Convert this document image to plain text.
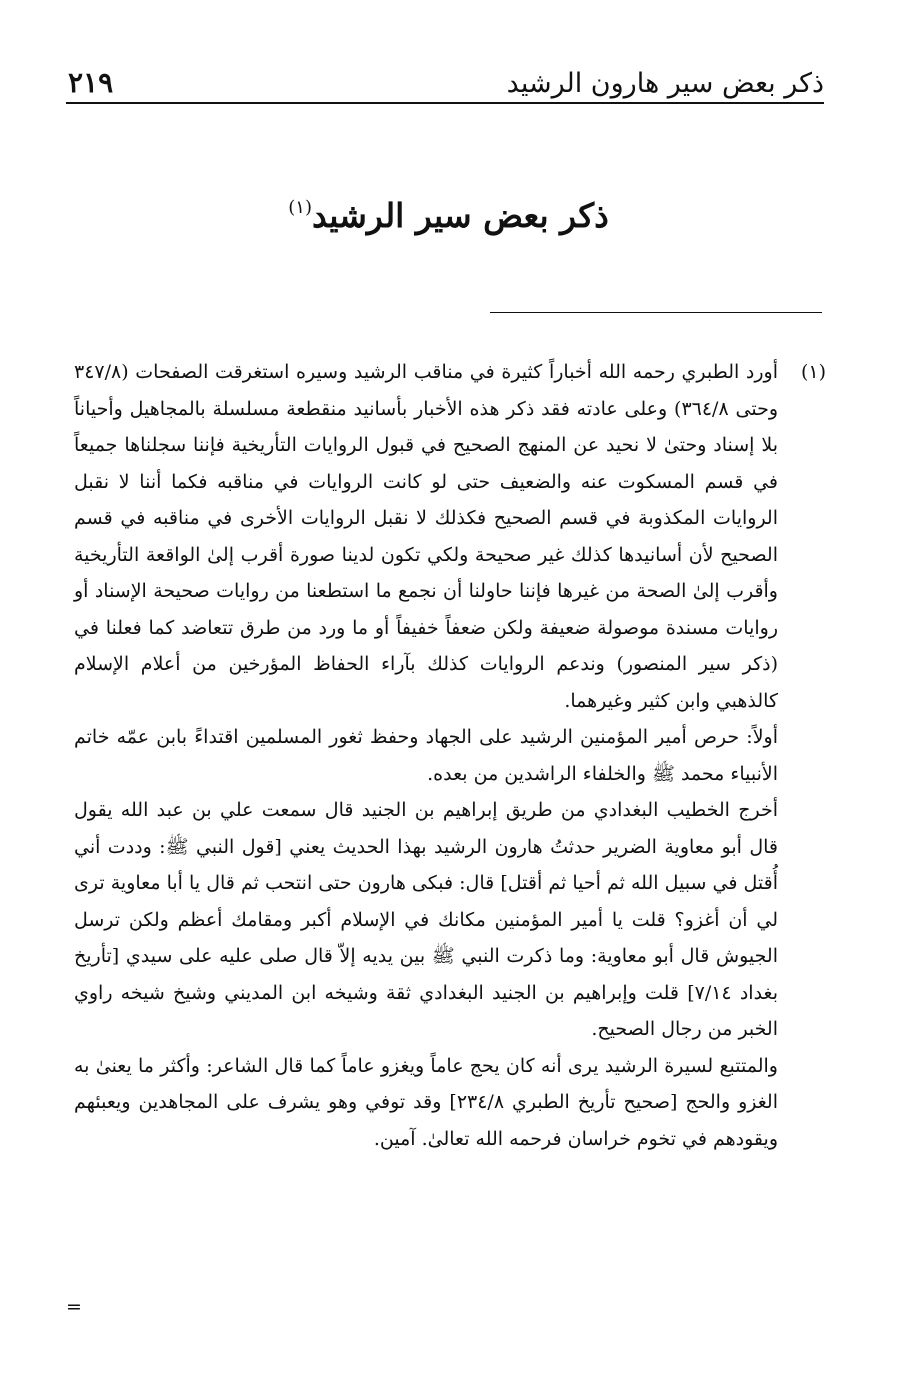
ذكر بعض سير هارون الرشيد
٢١٩
ذكر بعض سير الرشيد$^{(١)}$
(١)

أورد الطبري رحمه الله أخباراً كثيرة في مناقب الرشيد وسيره استغرقت الصفحات (٣٤٧/٨ وحتى ٣٦٤/٨) وعلى عادته فقد ذكر هذه الأخبار بأسانيد منقطعة مسلسلة بالمجاهيل وأحياناً بلا إسناد وحتىٰ لا نحيد عن المنهج الصحيح في قبول الروايات التأريخية فإننا سجلناها جميعاً في قسم المسكوت عنه والضعيف حتى لو كانت الروايات في مناقبه فكما أننا لا نقبل الروايات المكذوبة في قسم الصحيح فكذلك لا نقبل الروايات الأخرى في مناقبه في قسم الصحيح لأن أسانيدها كذلك غير صحيحة ولكي تكون لدينا صورة أقرب إلىٰ الواقعة التأريخية وأقرب إلىٰ الصحة من غيرها فإننا حاولنا أن نجمع ما استطعنا من روايات صحيحة الإسناد أو روايات مسندة موصولة ضعيفة ولكن ضعفاً خفيفاً أو ما ورد من طرق تتعاضد كما فعلنا في (ذكر سير المنصور) وندعم الروايات كذلك بآراء الحفاظ المؤرخين من أعلام الإسلام كالذهبي وابن كثير وغيرهما.

أولاً: حرص أمير المؤمنين الرشيد على الجهاد وحفظ ثغور المسلمين اقتداءً بابن عمّه خاتم الأنبياء محمد ﷺ والخلفاء الراشدين من بعده.

أخرج الخطيب البغدادي من طريق إبراهيم بن الجنيد قال سمعت علي بن عبد الله يقول قال أبو معاوية الضرير حدثتُ هارون الرشيد بهذا الحديث يعني [قول النبي ﷺ: وددت أني أُقتل في سبيل الله ثم أحيا ثم أقتل] قال: فبكى هارون حتى انتحب ثم قال يا أبا معاوية ترى لي أن أغزو؟ قلت يا أمير المؤمنين مكانك في الإسلام أكبر ومقامك أعظم ولكن ترسل الجيوش قال أبو معاوية: وما ذكرت النبي ﷺ بين يديه إلاّ قال صلى عليه على سيدي [تأريخ بغداد ٧/١٤] قلت وإبراهيم بن الجنيد البغدادي ثقة وشيخه ابن المديني وشيخ شيخه راوي الخبر من رجال الصحيح.

والمتتبع لسيرة الرشيد يرى أنه كان يحج عاماً ويغزو عاماً كما قال الشاعر: وأكثر ما يعنىٰ به الغزو والحج [صحيح تأريخ الطبري ٢٣٤/٨] وقد توفي وهو يشرف على المجاهدين ويعبئهم ويقودهم في تخوم خراسان فرحمه الله تعالىٰ. آمين.

=
